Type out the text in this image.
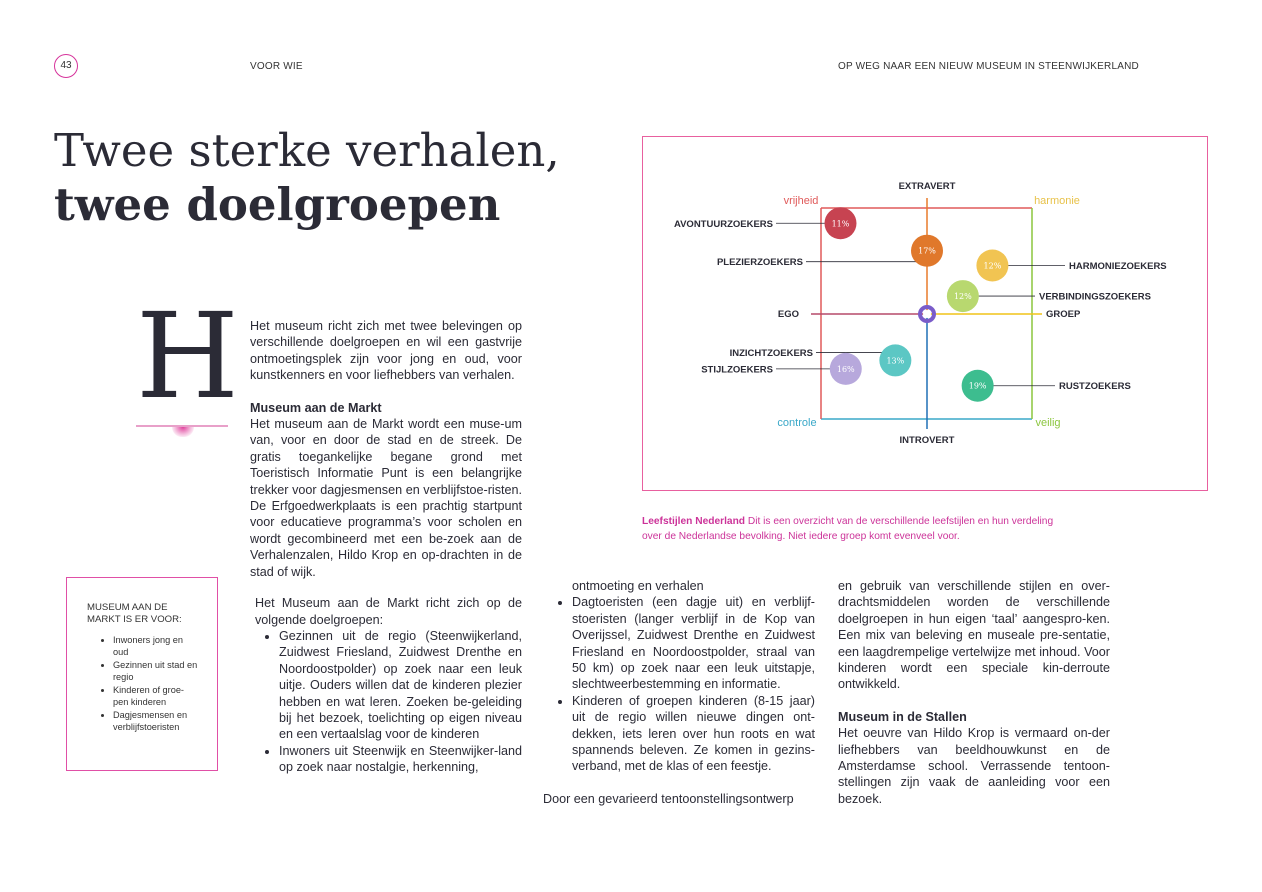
43	VOOR WIE	OP WEG NAAR EEN NIEUW MUSEUM IN STEENWIJKERLAND
Twee sterke verhalen,
twee doelgroepen
H Het museum richt zich met twee belevingen op verschillende doelgroepen en wil een gastvrije ontmoetingsplek zijn voor jong en oud, voor kunstkenners en voor liefhebbers van verhalen.

Museum aan de Markt

Het museum aan de Markt wordt een muse-um van, voor en door de stad en de streek. De gratis toegankelijke begane grond met Toeristisch Informatie Punt is een belangrijke trekker voor dagjesmensen en verblijfstoe-risten. De Erfgoedwerkplaats is een prachtig startpunt voor educatieve programma’s voor scholen en wordt gecombineerd met een be-zoek aan de Verhalenzalen, Hildo Krop en op-drachten in de stad of wijk.

Het Museum aan de Markt richt zich op de volgende doelgroepen:

• Gezinnen uit de regio (Steenwijkerland, Zuidwest Friesland, Zuidwest Drenthe en Noordoostpolder) op zoek naar een leuk uitje. Ouders willen dat de kinderen plezier hebben en wat leren. Zoeken be-geleiding bij het bezoek, toelichting op eigen niveau en een vertaalslag voor de kinderen
• Inwoners uit Steenwijk en Steenwijker-land op zoek naar nostalgie, herkenning,

ontmoeting en verhalen

• Dagtoeristen (een dagje uit) en verblijf-stoeristen (langer verblijf in de Kop van Overijssel, Zuidwest Drenthe en Zuidwest Friesland en Noordoostpolder, straal van 50 km) op zoek naar een leuk uitstapje, slechtweerbestemming en informatie.
• Kinderen of groepen kinderen (8-15 jaar) uit de regio willen nieuwe dingen ont-dekken, iets leren over hun roots en wat spannends beleven. Ze komen in gezins-verband, met de klas of een feestje.

Door een gevarieerd tentoonstellingsontwerp

en gebruik van verschillende stijlen en over-drachtsmiddelen worden de verschillende doelgroepen in hun eigen ‘taal’ aangespro-ken. Een mix van beleving en museale pre-sentatie, een laagdrempelige vertelwijze met inhoud. Voor kinderen wordt een speciale kin-derroute ontwikkeld.

Museum in de Stallen

Het oeuvre van Hildo Krop is vermaard on-der liefhebbers van beeldhouwkunst en de Amsterdamse school. Verrassende tentoon-stellingen zijn vaak de aanleiding voor een bezoek.

MUSEUM AAN DE MARKT IS ER VOOR:
• Inwoners jong en oud
• Gezinnen uit stad en regio
• Kinderen of groe-pen kinderen
• Dagjesmensen en verblijfstoeristen
11%
AVONTUURZOEKERS
17%
PLEZIERZOEKERS	12%	HARMONIEZOEKERS
12%	VERBINDINGSZOEKERS
13%
INZICHTZOEKERS
16%
STIJLZOEKERS
19%	RUSTZOEKERS
EXTRAVERT
INTROVERT
EGO	GROEP
vrijheid	harmonie
controle	veilig
Leefstijlen Nederland Dit is een overzicht van de verschillende leefstijlen en hun verdeling over de Nederlandse bevolking. Niet iedere groep komt evenveel voor.
